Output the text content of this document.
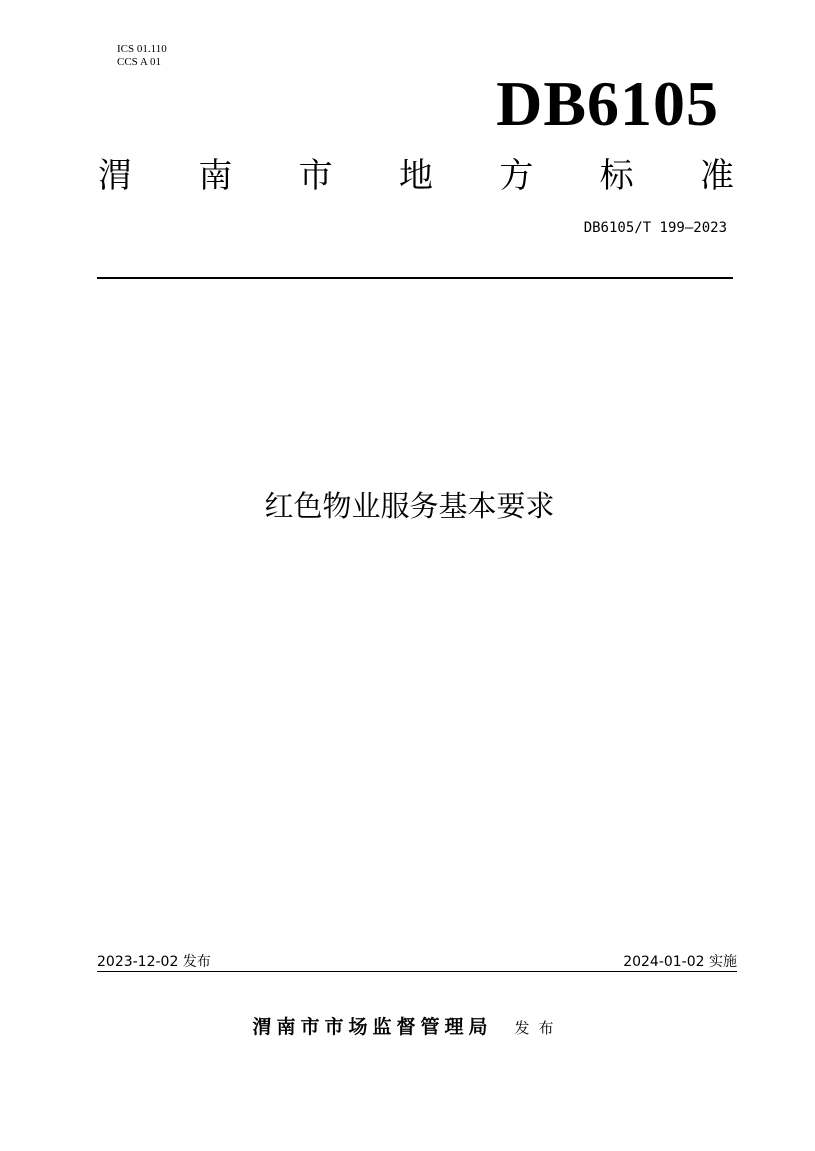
ICS 01.110
CCS A 01
DB6105
渭 南 市 地 方 标 准
DB6105/T 199—2023
红色物业服务基本要求
2023-12-02 发布	2024-01-02 实施
渭南市市场监督管理局 发布
